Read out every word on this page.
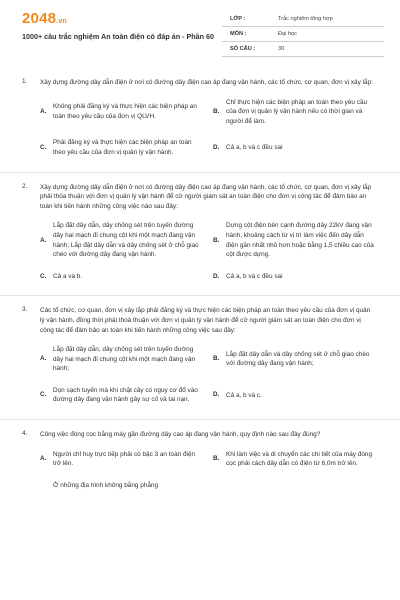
2048.vn
1000+ câu trắc nghiệm An toàn điện có đáp án - Phần 60
LỚP :	Trắc nghiệm tổng hợp
MÔN :	Đại học
SỐ CÂU :	30
1. Xây dựng đường dây dẫn điện ở nơi có đường dây điện cao áp đang vận hành, các tổ chức, cơ quan, đơn vị xây lắp:
A.
Không phải đăng ký và thực hiện các biện pháp an toàn theo yêu cầu của đơn vị QLVH.
B.
Chỉ thực hiện các biện pháp an toàn theo yêu cầu của đơn vị quản lý vận hành nếu có thời gian và người để làm.
C.
Phải đăng ký và thực hiện các biện pháp an toàn theo yêu cầu của đơn vị quản lý vận hành.
D. Cả a, b và c đều sai
2. Xây dựng đường dây dẫn điện ở nơi có đường dây điện cao áp đang vận hành, các tổ chức, cơ quan, đơn vị xây lắp phải thỏa thuận với đơn vị quản lý vận hành để cử người giám sát an toàn điện cho đơn vị công tác để đảm bảo an toàn khi tiến hành những công việc nào sau đây:
A.
Lắp đặt dây dẫn, dây chống sét trên tuyến đường dây hai mạch đi chung cột khi một mạch đang vận hành; Lắp đặt dây dẫn và dây chống sét ở chỗ giao chéo với đường dây đang vận hành.
B.
Dựng cột điện bên cạnh đường dây 22kV đang vận hành, khoảng cách từ vị trí làm việc đến dây dẫn điện gần nhất nhỏ hơn hoặc bằng 1,5 chiều cao của cột được dựng.
C. Cả a và b.	D. Cả a, b và c đều sai
3. Các tổ chức, cơ quan, đơn vị xây lắp phải đăng ký và thực hiện các biện pháp an toàn theo yêu cầu của đơn vị quản lý vận hành, đồng thời phải thoả thuận với đơn vị quản lý vận hành để cử người giám sát an toàn điện cho đơn vị công tác để đảm bảo an toàn khi tiến hành những công việc sau đây:
A.
Lắp đặt dây dẫn, dây chống sét trên tuyến đường dây hai mạch đi chung cột khi một mạch đang vận hành;
B.
Lắp đặt dây dẫn và dây chống sét ở chỗ giao chéo với đường dây đang vận hành;
C.
Dọn sạch tuyến mà khi chặt cây có nguy cơ đổ vào đường dây đang vận hành gây sự cố và tai nạn.
D. Cả a, b và c.
4. Công việc đóng cọc bằng máy gần đường dây cao áp đang vận hành, quy định nào sau đây đúng?
A.
Người chỉ huy trực tiếp phải có bậc 3 an toàn điện trở lên.
B.
Khi làm việc và di chuyển các chi tiết của máy đóng cọc phải cách dây dẫn có điện từ 6,0m trở lên.
Ở những địa hình không bằng phẳng
